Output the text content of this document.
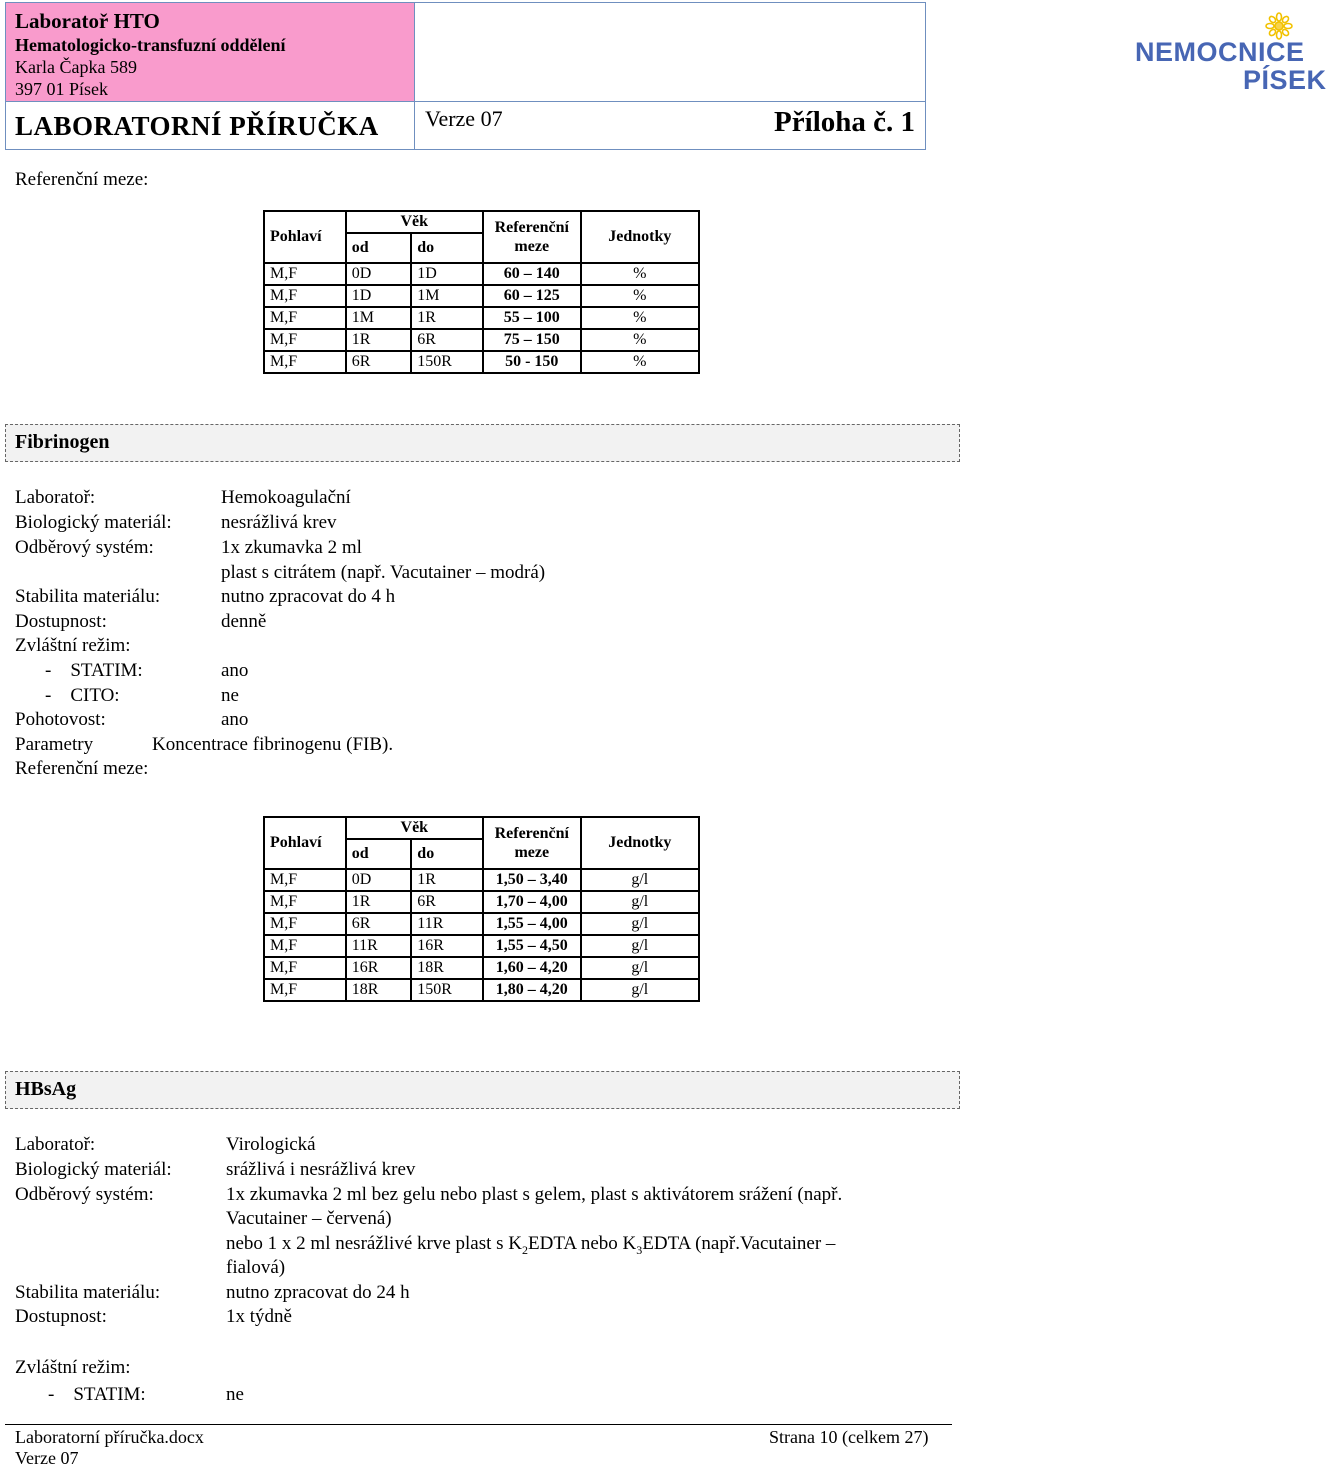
NEMOCNICE
PÍSEK
Laboratoř HTO
Hematologicko-transfuzní oddělení
Karla Čapka 589
397 01 Písek
LABORATORNÍ PŘÍRUČKA Verze 07	Příloha č. 1
Referenční meze:
Pohlaví	Věk		Referenční
meze	Jednotky
	od	do		
M,F	0D	1D	60 – 140	%
M,F	1D	1M	60 – 125	%
M,F	1M	1R	55 – 100	%
M,F	1R	6R	75 – 150	%
M,F	6R	150R	50 - 150	%
Fibrinogen
Laboratoř:	Hemokoagulační
Biologický materiál:	nesrážlivá krev
Odběrový systém:	1x zkumavka 2 ml
plast s citrátem (např. Vacutainer – modrá)
Stabilita materiálu:	nutno zpracovat do 4 h
Dostupnost:	denně
Zvláštní režim:
-    STATIM:	ano
-    CITO:	ne
Pohotovost:	ano
Parametry	Koncentrace fibrinogenu (FIB).
Referenční meze:
Pohlaví	Věk		Referenční
meze	Jednotky
	od	do		
M,F	0D	1R	1,50 – 3,40	g/l
M,F	1R	6R	1,70 – 4,00	g/l
M,F	6R	11R	1,55 – 4,00	g/l
M,F	11R	16R	1,55 – 4,50	g/l
M,F	16R	18R	1,60 – 4,20	g/l
M,F	18R	150R	1,80 – 4,20	g/l
HBsAg
Laboratoř:	Virologická
Biologický materiál:	srážlivá i nesrážlivá krev
Odběrový systém:	1x zkumavka 2 ml bez gelu nebo plast s gelem, plast s aktivátorem srážení (např.
Vacutainer – červená)
nebo 1 x 2 ml nesrážlivé krve plast s $K_2EDTA$ nebo $K_3EDTA$ (např.Vacutainer –
fialová)
Stabilita materiálu:	nutno zpracovat do 24 h
Dostupnost:	1x týdně
Zvláštní režim:
-    STATIM:	ne
Laboratorní příručka.docx	Strana 10 (celkem 27)
Verze 07
